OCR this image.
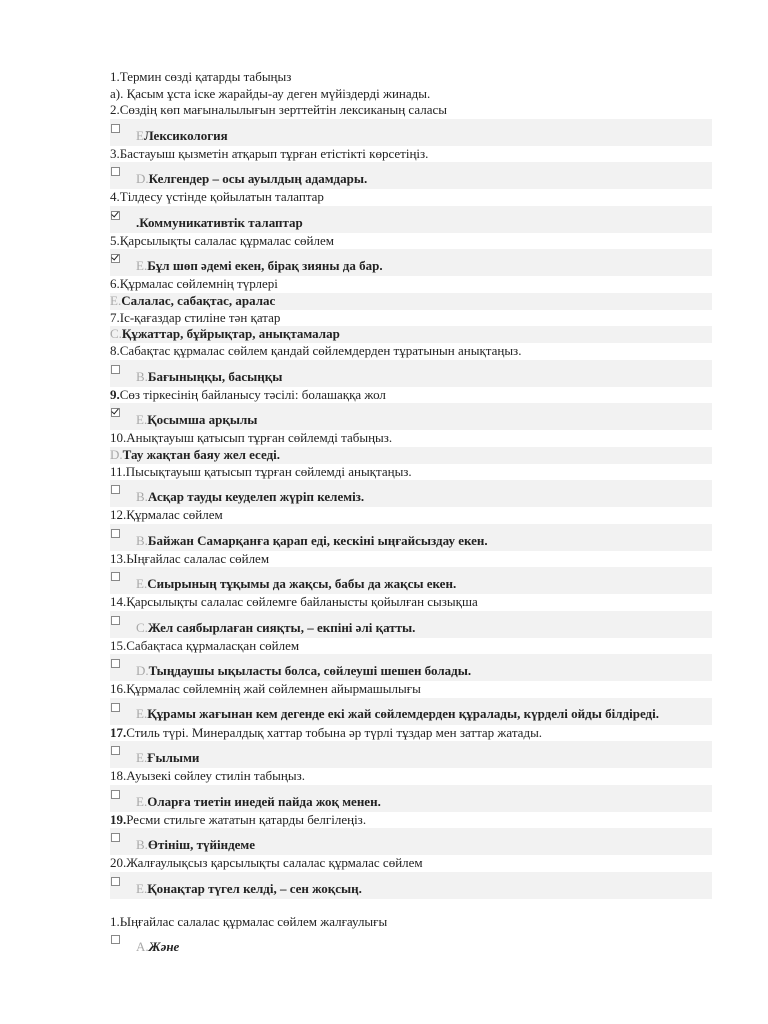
1.Термин сөзді қатарды табыңыз
а). Қасым ұста іске жарайды-ау деген мүйіздерді жинады.
2.Сөздің көп мағыналылығын зерттейтін лексиканың саласы
EЛексикология
3.Бастауыш қызметін атқарып тұрған етістікті көрсетіңіз.
D.Келгендер – осы ауылдың адамдары.
4.Тілдесу үстінде қойылатын талаптар
.Коммуникативтік талаптар
5.Қарсылықты салалас құрмалас сөйлем
E.Бұл шөп әдемі екен, бірақ зияны да бар.
6.Құрмалас сөйлемнің түрлері
E.Салалас, сабақтас, аралас
7.Іс-қағаздар стиліне тән қатар
C.Құжаттар, бұйрықтар, анықтамалар
8.Сабақтас құрмалас сөйлем қандай сөйлемдерден тұратынын анықтаңыз.
B.Бағыныңқы, басыңқы
9.Сөз тіркесінің байланысу тәсілі: болашаққа жол
E.Қосымша арқылы
10.Анықтауыш қатысып тұрған сөйлемді табыңыз.
D.Тау жақтан баяу жел еседі.
11.Пысықтауыш қатысып тұрған сөйлемді анықтаңыз.
B.Асқар тауды кеуделеп жүріп келеміз.
12.Құрмалас сөйлем
B.Байжан Самарқанға қарап еді, кескіні ыңғайсыздау екен.
13.Ыңғайлас салалас сөйлем
E.Сиырының тұқымы да жақсы, бабы да жақсы екен.
14.Қарсылықты салалас сөйлемге байланысты қойылған сызықша
C.Жел саябырлаған сияқты, – екпіні әлі қатты.
15.Сабақтаса құрмаласқан сөйлем
D.Тыңдаушы ықыласты болса, сөйлеуші шешен болады.
16.Құрмалас сөйлемнің жай сөйлемнен айырмашылығы
E.Құрамы жағынан кем дегенде екі жай сөйлемдерден құралады, күрделі ойды білдіреді.
17.Стиль түрі. Минералдық хаттар тобына әр түрлі тұздар мен заттар жатады.
E.Ғылыми
18.Ауызекі сөйлеу стилін табыңыз.
E.Оларға тиетін инедей пайда жоқ менен.
19.Ресми стильге жататын қатарды белгілеңіз.
B.Өтініш, түйіндеме
20.Жалғаулықсыз қарсылықты салалас құрмалас сөйлем
E.Қонақтар түгел келді, – сен жоқсың.
1.Ыңғайлас салалас құрмалас сөйлем жалғаулығы
A.Және
